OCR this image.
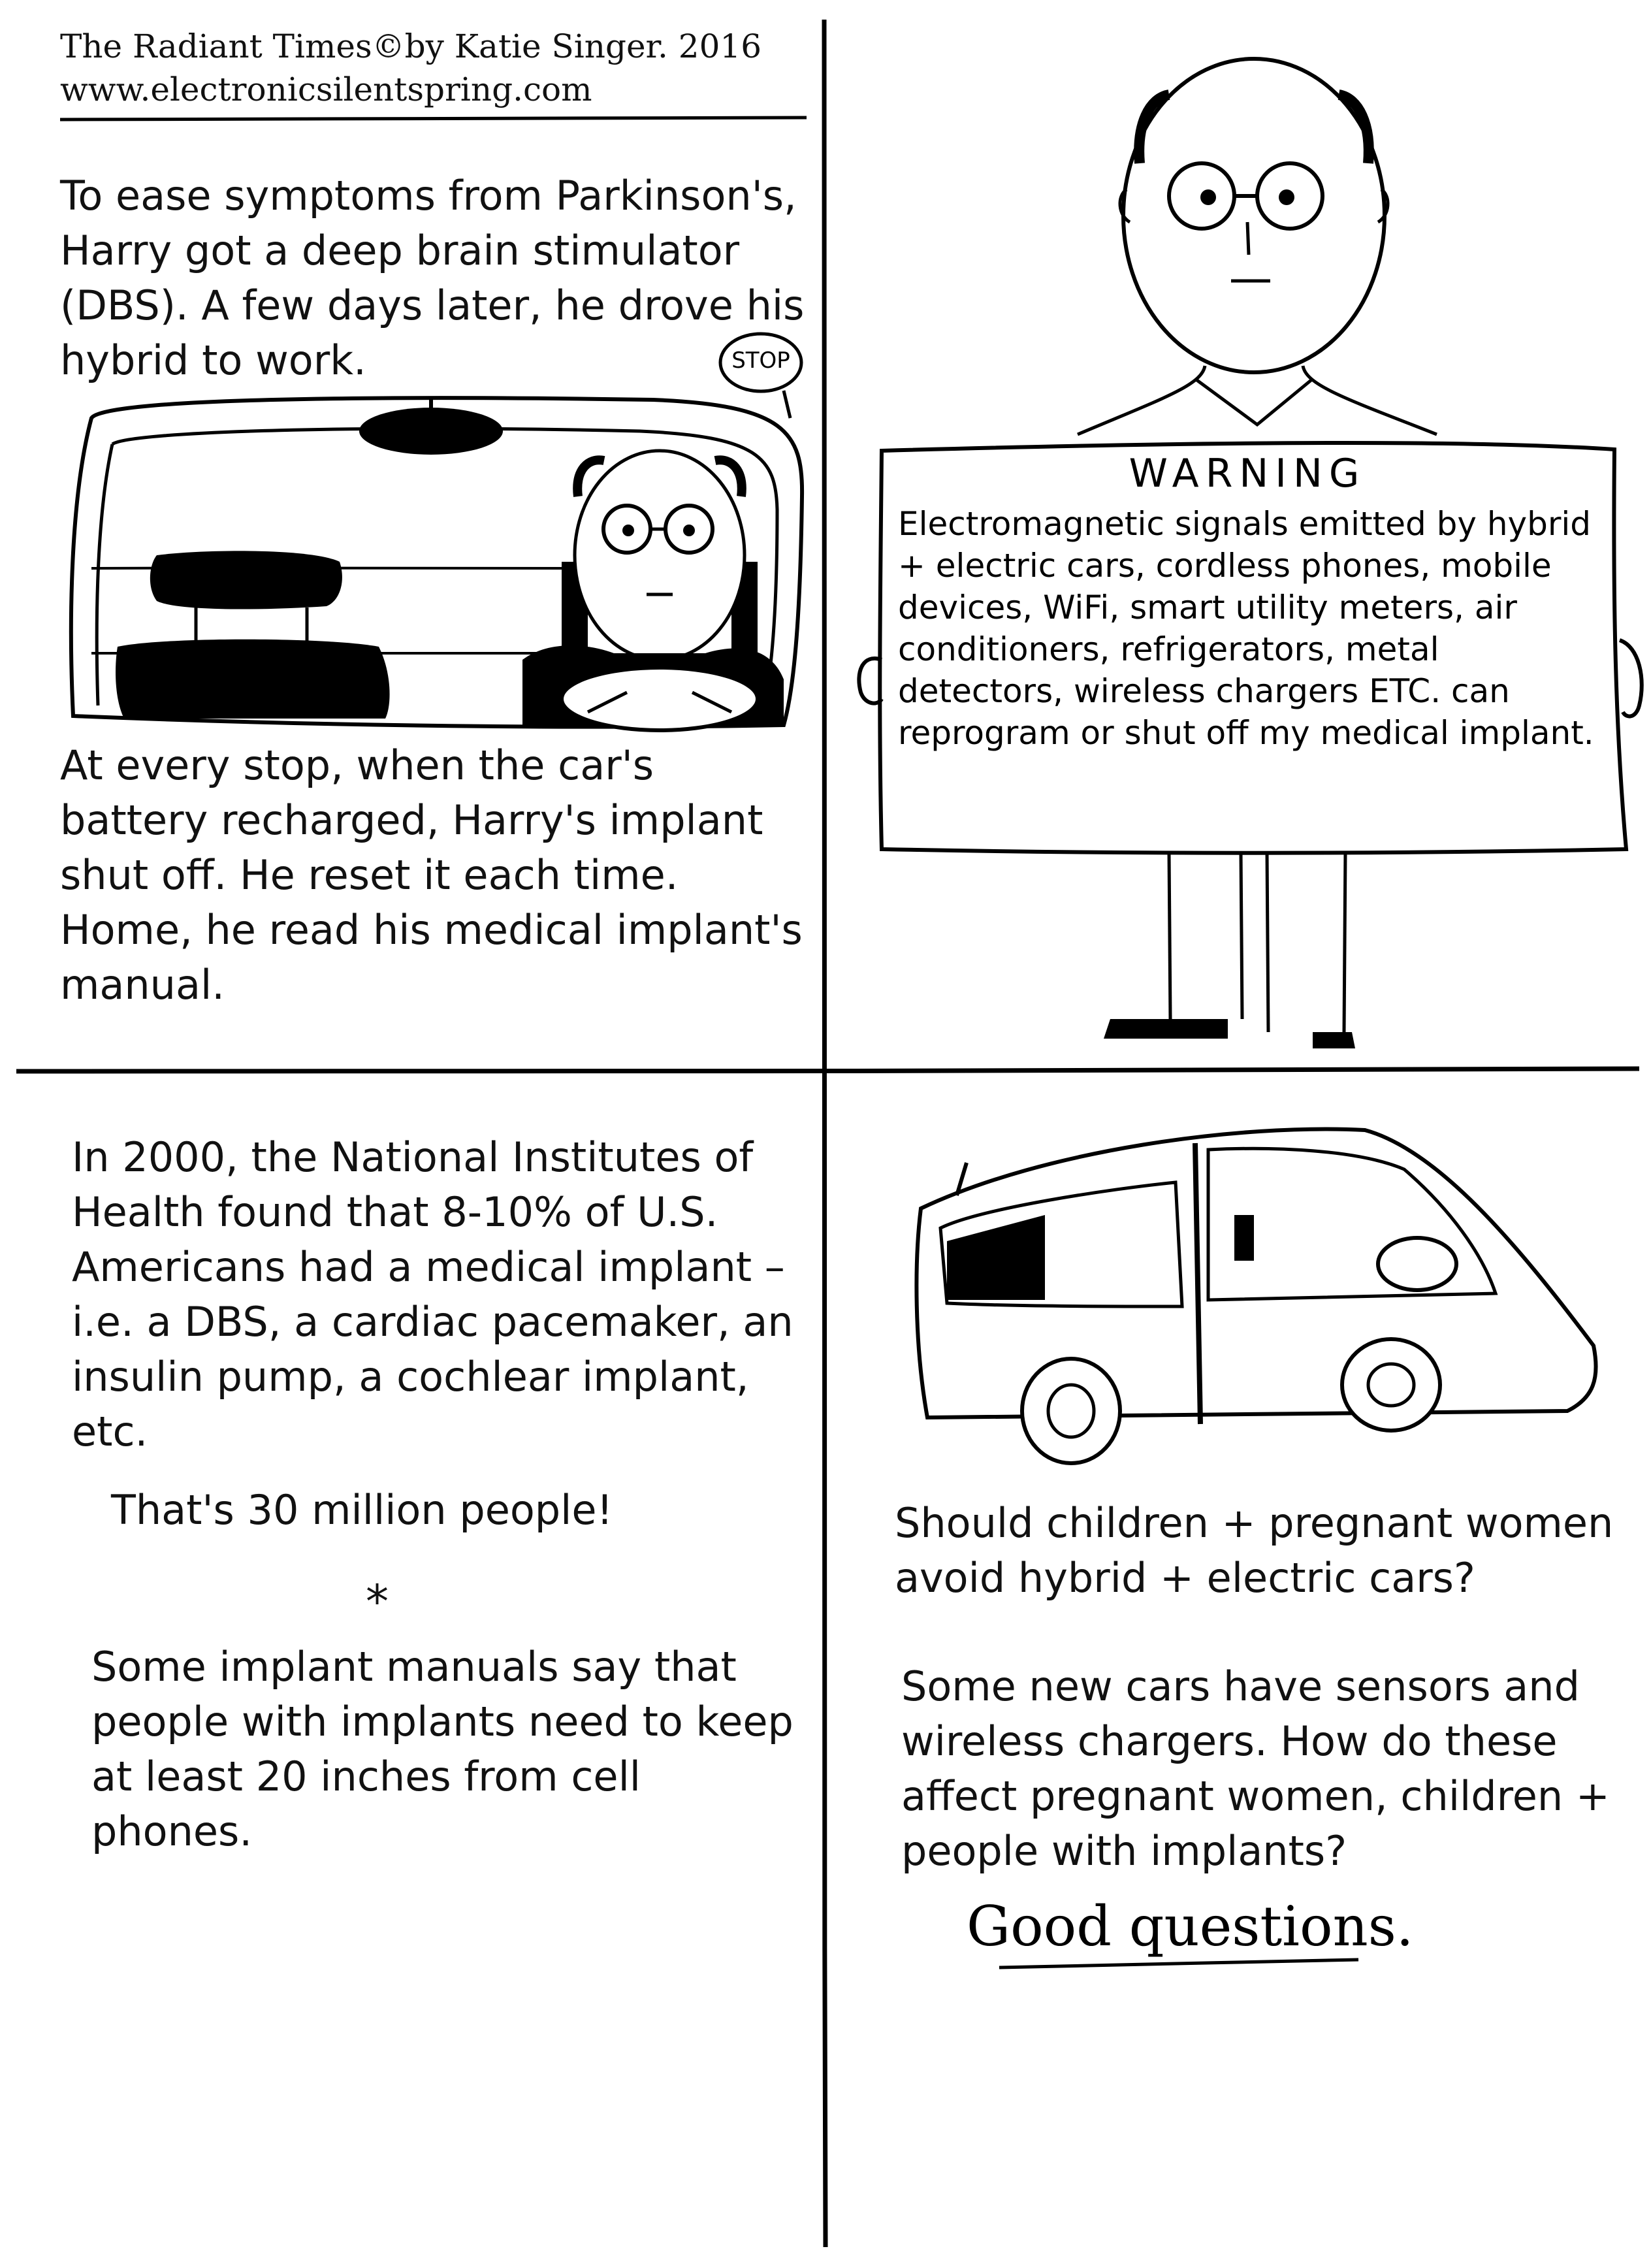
The Radiant Times©by Katie Singer. 2016
www.electronicsilentspring.com
To ease symptoms from Parkinson's, Harry got a deep brain stimulator (DBS). A few days later, he drove his hybrid to work.	STOP
At every stop, when the car's battery recharged, Harry's implant shut off. He reset it each time. Home, he read his medical implant's manual.
WARNING
Electromagnetic signals emitted by hybrid + electric cars, cordless phones, mobile devices, WiFi, smart utility meters, air conditioners, refrigerators, metal detectors, wireless chargers ETC. can reprogram or shut off my medical implant.
In 2000, the National Institutes of Health found that 8-10% of U.S. Americans had a medical implant – i.e. a DBS, a cardiac pacemaker, an insulin pump, a cochlear implant, etc.
That's 30 million people!
*
Some implant manuals say that people with implants need to keep at least 20 inches from cell phones.
Should children + pregnant women avoid hybrid + electric cars?
Some new cars have sensors and wireless chargers. How do these affect pregnant women, children + people with implants?
Good questions.
